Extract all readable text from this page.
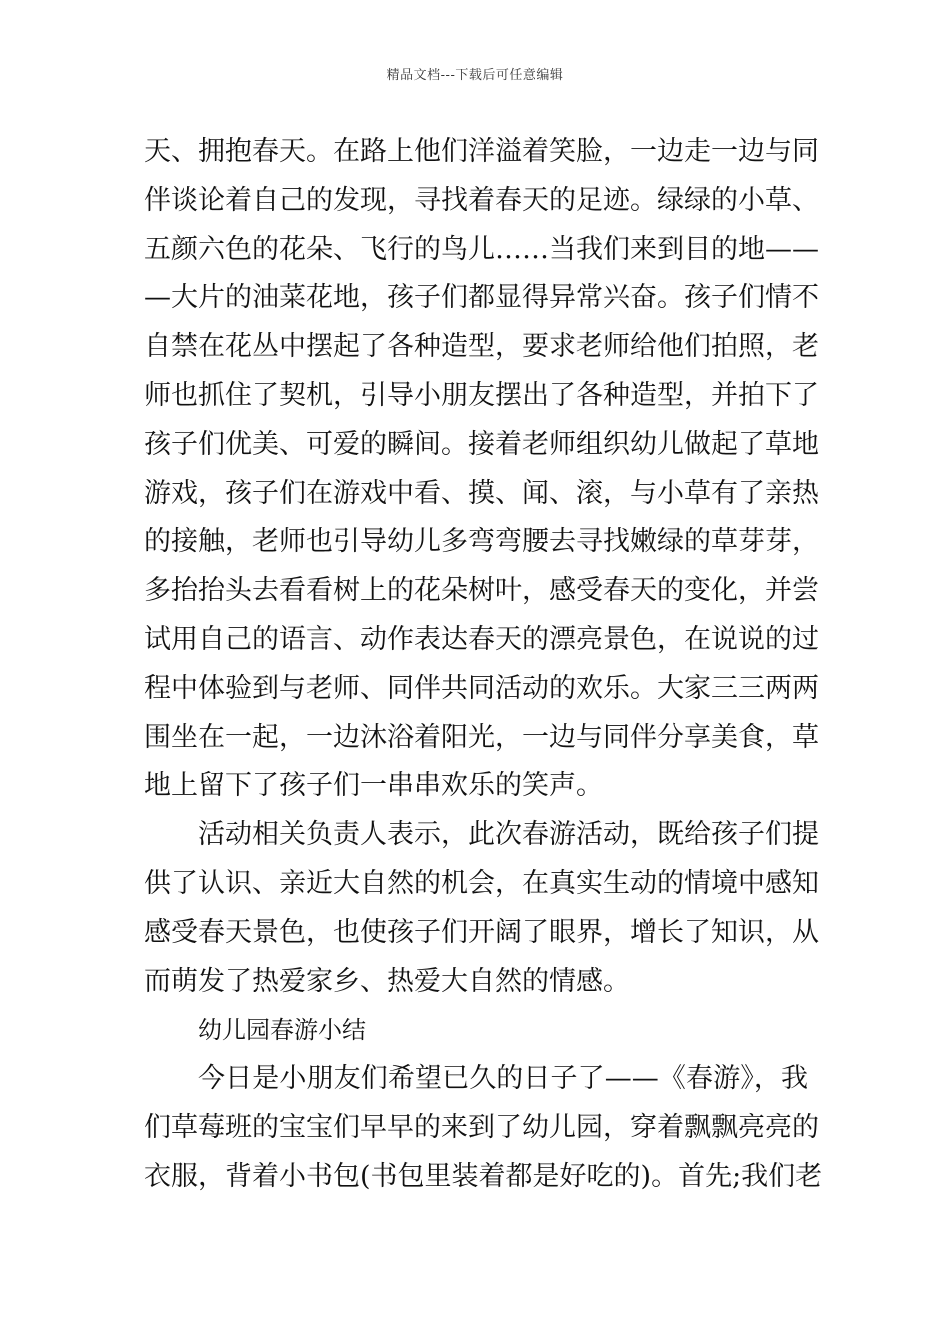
精品文档---下载后可任意编辑
天、拥抱春天。在路上他们洋溢着笑脸，一边走一边与同
伴谈论着自己的发现，寻找着春天的足迹。绿绿的小草、
五颜六色的花朵、飞行的鸟儿……当我们来到目的地——
—大片的油菜花地，孩子们都显得异常兴奋。孩子们情不
自禁在花丛中摆起了各种造型，要求老师给他们拍照，老
师也抓住了契机，引导小朋友摆出了各种造型，并拍下了
孩子们优美、可爱的瞬间。接着老师组织幼儿做起了草地
游戏，孩子们在游戏中看、摸、闻、滚，与小草有了亲热
的接触，老师也引导幼儿多弯弯腰去寻找嫩绿的草芽芽，
多抬抬头去看看树上的花朵树叶，感受春天的变化，并尝
试用自己的语言、动作表达春天的漂亮景色，在说说的过
程中体验到与老师、同伴共同活动的欢乐。大家三三两两
围坐在一起，一边沐浴着阳光，一边与同伴分享美食，草
地上留下了孩子们一串串欢乐的笑声。
活动相关负责人表示，此次春游活动，既给孩子们提
供了认识、亲近大自然的机会，在真实生动的情境中感知
感受春天景色，也使孩子们开阔了眼界，增长了知识，从
而萌发了热爱家乡、热爱大自然的情感。
幼儿园春游小结
今日是小朋友们希望已久的日子了——《春游》，我
们草莓班的宝宝们早早的来到了幼儿园，穿着飘飘亮亮的
衣服，背着小书包(书包里装着都是好吃的)。首先;我们老
